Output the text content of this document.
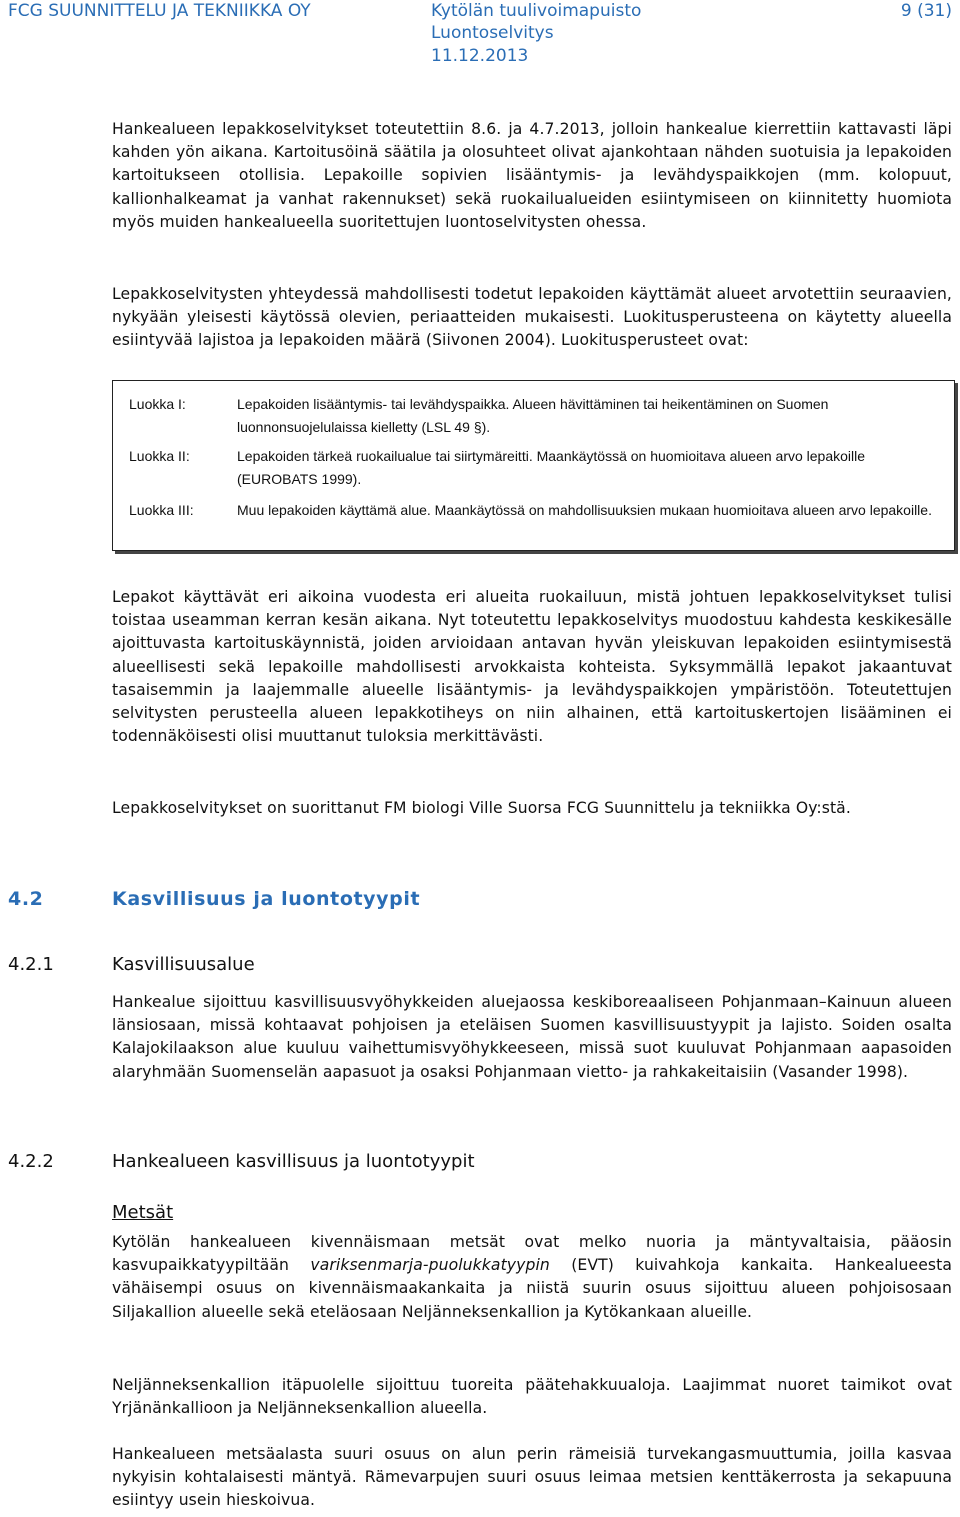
FCG SUUNNITTELU JA TEKNIIKKA OY	Kytölän tuulivoimapuisto
Luontoselvitys
11.12.2013
9 (31)

Hankealueen lepakkoselvitykset toteutettiin 8.6. ja 4.7.2013, jolloin hankealue kierrettiin kattavasti läpi kahden yön aikana. Kartoitusöinä säätila ja olosuhteet olivat ajankohtaan nähden suotuisia ja lepakoiden kartoitukseen otollisia. Lepakoille sopivien lisääntymis- ja levähdyspaikkojen (mm. kolopuut, kallionhalkeamat ja vanhat rakennukset) sekä ruokailualueiden esiintymiseen on kiinnitetty huomiota myös muiden hankealueella suoritettujen luontoselvitysten ohessa.

Lepakkoselvitysten yhteydessä mahdollisesti todetut lepakoiden käyttämät alueet arvotettiin seuraavien, nykyään yleisesti käytössä olevien, periaatteiden mukaisesti. Luokitusperusteena on käytetty alueella esiintyvää lajistoa ja lepakoiden määrä (Siivonen 2004). Luokitusperusteet ovat:

Luokka I:	Lepakoiden lisääntymis- tai levähdyspaikka. Alueen hävittäminen tai heikentäminen on Suomen luonnonsuojelulaissa kielletty (LSL 49 §).
Luokka II:	Lepakoiden tärkeä ruokailualue tai siirtymäreitti. Maankäytössä on huomioitava alueen arvo lepakoille (EUROBATS 1999).
Luokka III:	Muu lepakoiden käyttämä alue. Maankäytössä on mahdollisuuksien mukaan huomioitava alueen arvo lepakoille.

Lepakot käyttävät eri aikoina vuodesta eri alueita ruokailuun, mistä johtuen lepakkoselvitykset tulisi toistaa useamman kerran kesän aikana. Nyt toteutettu lepakkoselvitys muodostuu kahdesta keskikesälle ajoittuvasta kartoituskäynnistä, joiden arvioidaan antavan hyvän yleiskuvan lepakoiden esiintymisestä alueellisesti sekä lepakoille mahdollisesti arvokkaista kohteista. Syksymmällä lepakot jakaantuvat tasaisemmin ja laajemmalle alueelle lisääntymis- ja levähdyspaikkojen ympäristöön. Toteutettujen selvitysten perusteella alueen lepakkotiheys on niin alhainen, että kartoituskertojen lisääminen ei todennäköisesti olisi muuttanut tuloksia merkittävästi.

Lepakkoselvitykset on suorittanut FM biologi Ville Suorsa FCG Suunnittelu ja tekniikka Oy:stä.

4.2	Kasvillisuus ja luontotyypit
4.2.1	Kasvillisuusalue

Hankealue sijoittuu kasvillisuusvyöhykkeiden aluejaossa keskiboreaaliseen Pohjanmaan–Kainuun alueen länsiosaan, missä kohtaavat pohjoisen ja eteläisen Suomen kasvillisuustyypit ja lajisto. Soiden osalta Kalajokilaakson alue kuuluu vaihettumisvyöhykkeeseen, missä suot kuuluvat Pohjanmaan aapasoiden alaryhmään Suomenselän aapasuot ja osaksi Pohjanmaan vietto- ja rahkakeitaisiin (Vasander 1998).

4.2.2	Hankealueen kasvillisuus ja luontotyypit
Metsät

Kytölän hankealueen kivennäismaan metsät ovat melko nuoria ja mäntyvaltaisia, pääosin kasvupaikkatyypiltään variksenmarja-puolukkatyypin (EVT) kuivahkoja kankaita. Hankealueesta vähäisempi osuus on kivennäismaakankaita ja niistä suurin osuus sijoittuu alueen pohjoisosaan Siljakallion alueelle sekä eteläosaan Neljänneksenkallion ja Kytökankaan alueille.

Neljänneksenkallion itäpuolelle sijoittuu tuoreita päätehakkuualoja. Laajimmat nuoret taimikot ovat Yrjänänkallioon ja Neljänneksenkallion alueella.

Hankealueen metsäalasta suuri osuus on alun perin rämeisiä turvekangasmuuttumia, joilla kasvaa nykyisin kohtalaisesti mäntyä. Rämevarpujen suuri osuus leimaa metsien kenttäkerrosta ja sekapuuna esiintyy usein hieskoivua.
